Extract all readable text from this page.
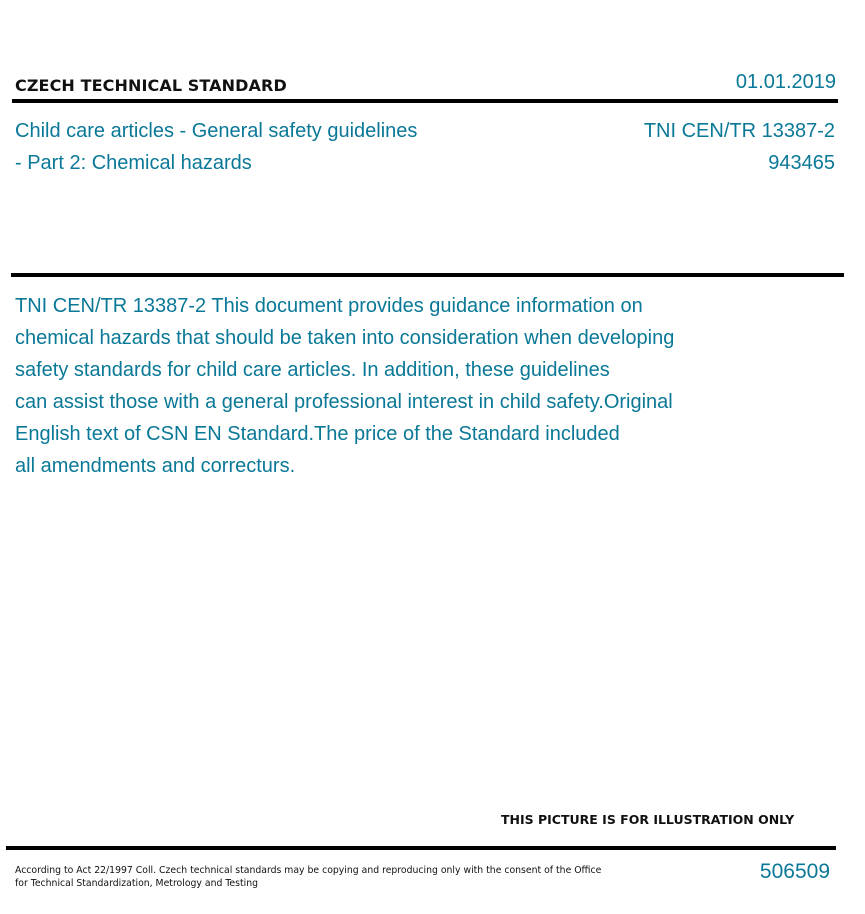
CZECH TECHNICAL STANDARD	01.01.2019
Child care articles - General safety guidelines
- Part 2: Chemical hazards
TNI CEN/TR 13387-2
943465
TNI CEN/TR 13387-2 This document provides guidance information on
chemical hazards that should be taken into consideration when developing
safety standards for child care articles. In addition, these guidelines
can assist those with a general professional interest in child safety.Original
English text of CSN EN Standard.The price of the Standard included
all amendments and correcturs.
THIS PICTURE IS FOR ILLUSTRATION ONLY
According to Act 22/1997 Coll. Czech technical standards may be copying and reproducing only with the consent of the Office
for Technical Standardization, Metrology and Testing
506509
